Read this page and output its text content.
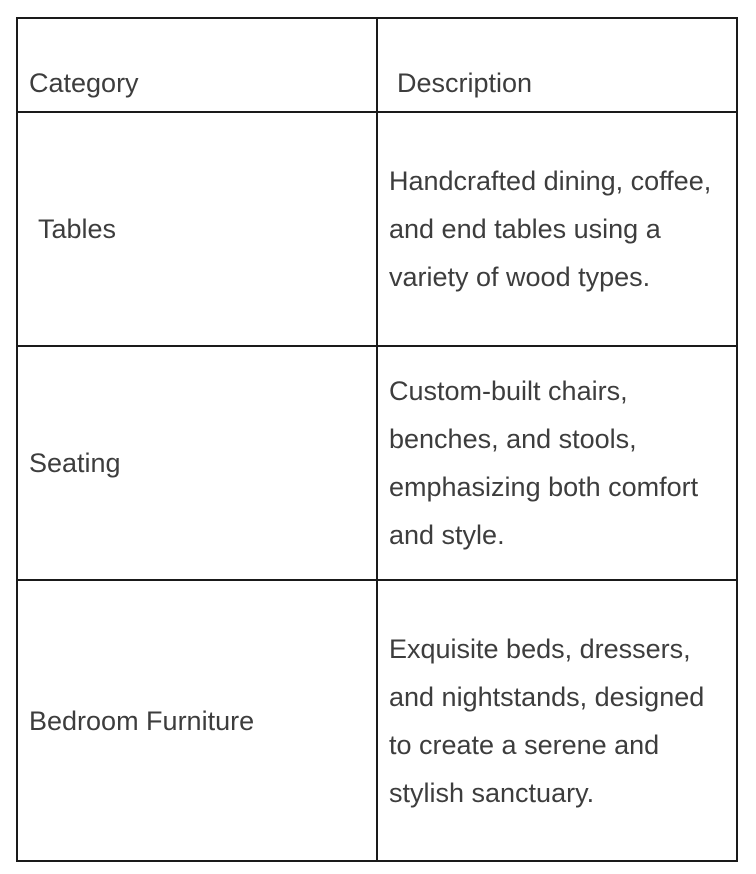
Category	Description
Tables	Handcrafted dining, coffee, and end tables using a variety of wood types.

Seating	Custom-built chairs, benches, and stools, emphasizing both comfort and style.

Bedroom Furniture	Exquisite beds, dressers, and nightstands, designed to create a serene and stylish sanctuary.
